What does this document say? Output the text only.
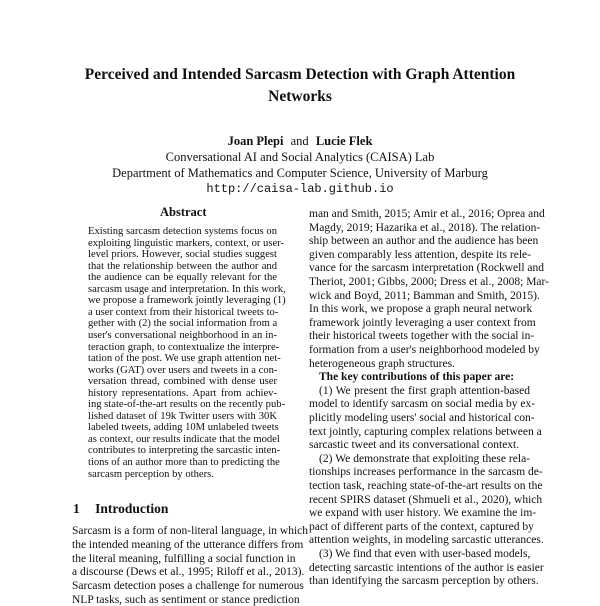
Perceived and Intended Sarcasm Detection with Graph Attention
Networks
Joan Plepi and Lucie Flek
Conversational AI and Social Analytics (CAISA) Lab
Department of Mathematics and Computer Science, University of Marburg
http://caisa-lab.github.io
Abstract
Existing sarcasm detection systems focus on
exploiting linguistic markers, context, or user-
level priors. However, social studies suggest
that the relationship between the author and
the audience can be equally relevant for the
sarcasm usage and interpretation. In this work,
we propose a framework jointly leveraging (1)
a user context from their historical tweets to-
gether with (2) the social information from a
user's conversational neighborhood in an in-
teraction graph, to contextualize the interpre-
tation of the post. We use graph attention net-
works (GAT) over users and tweets in a con-
versation thread, combined with dense user
history representations. Apart from achiev-
ing state-of-the-art results on the recently pub-
lished dataset of 19k Twitter users with 30K
labeled tweets, adding 10M unlabeled tweets
as context, our results indicate that the model
contributes to interpreting the sarcastic inten-
tions of an author more than to predicting the
sarcasm perception by others.
1 Introduction
Sarcasm is a form of non-literal language, in which
the intended meaning of the utterance differs from
the literal meaning, fulfilling a social function in
a discourse (Dews et al., 1995; Riloff et al., 2013).
Sarcasm detection poses a challenge for numerous
NLP tasks, such as sentiment or stance prediction
man and Smith, 2015; Amir et al., 2016; Oprea and
Magdy, 2019; Hazarika et al., 2018). The relation-
ship between an author and the audience has been
given comparably less attention, despite its rele-
vance for the sarcasm interpretation (Rockwell and
Theriot, 2001; Gibbs, 2000; Dress et al., 2008; Mar-
wick and Boyd, 2011; Bamman and Smith, 2015).
In this work, we propose a graph neural network
framework jointly leveraging a user context from
their historical tweets together with the social in-
formation from a user's neighborhood modeled by
heterogeneous graph structures.
The key contributions of this paper are:
(1) We present the first graph attention-based
model to identify sarcasm on social media by ex-
plicitly modeling users' social and historical con-
text jointly, capturing complex relations between a
sarcastic tweet and its conversational context.
(2) We demonstrate that exploiting these rela-
tionships increases performance in the sarcasm de-
tection task, reaching state-of-the-art results on the
recent SPIRS dataset (Shmueli et al., 2020), which
we expand with user history. We examine the im-
pact of different parts of the context, captured by
attention weights, in modeling sarcastic utterances.
(3) We find that even with user-based models,
detecting sarcastic intentions of the author is easier
than identifying the sarcasm perception by others.
